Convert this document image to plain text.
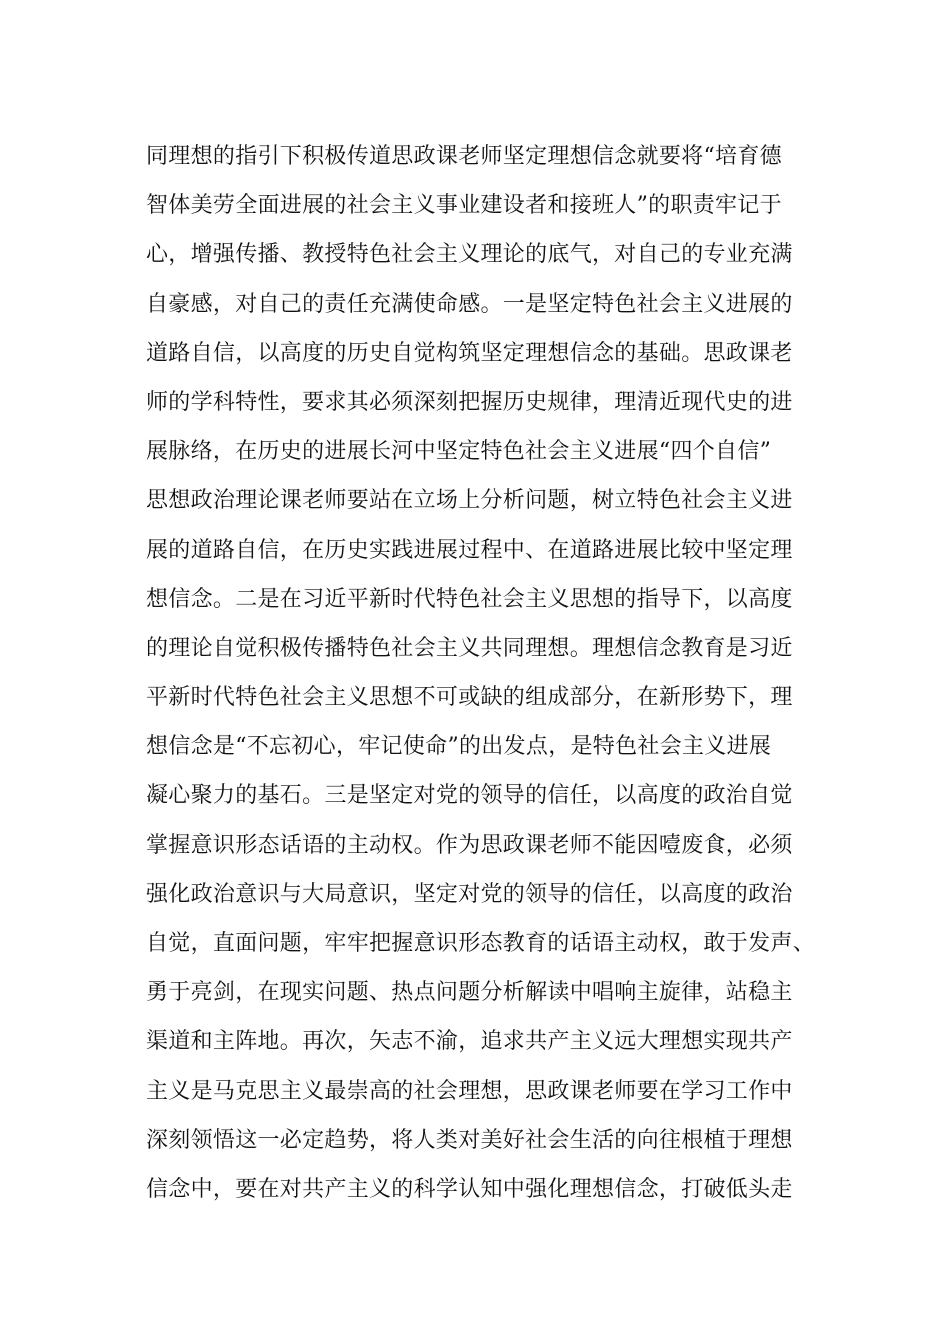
同理想的指引下积极传道思政课老师坚定理想信念就要将“培育德
智体美劳全面进展的社会主义事业建设者和接班人”的职责牢记于
心，增强传播、教授特色社会主义理论的底气，对自己的专业充满
自豪感，对自己的责任充满使命感。一是坚定特色社会主义进展的
道路自信，以高度的历史自觉构筑坚定理想信念的基础。思政课老
师的学科特性，要求其必须深刻把握历史规律，理清近现代史的进
展脉络，在历史的进展长河中坚定特色社会主义进展“四个自信”
思想政治理论课老师要站在立场上分析问题，树立特色社会主义进
展的道路自信，在历史实践进展过程中、在道路进展比较中坚定理
想信念。二是在习近平新时代特色社会主义思想的指导下，以高度
的理论自觉积极传播特色社会主义共同理想。理想信念教育是习近
平新时代特色社会主义思想不可或缺的组成部分，在新形势下，理
想信念是“不忘初心，牢记使命”的出发点，是特色社会主义进展
凝心聚力的基石。三是坚定对党的领导的信任，以高度的政治自觉
掌握意识形态话语的主动权。作为思政课老师不能因噎废食，必须
强化政治意识与大局意识，坚定对党的领导的信任，以高度的政治
自觉，直面问题，牢牢把握意识形态教育的话语主动权，敢于发声、
勇于亮剑，在现实问题、热点问题分析解读中唱响主旋律，站稳主
渠道和主阵地。再次，矢志不渝，追求共产主义远大理想实现共产
主义是马克思主义最崇高的社会理想，思政课老师要在学习工作中
深刻领悟这一必定趋势，将人类对美好社会生活的向往根植于理想
信念中，要在对共产主义的科学认知中强化理想信念，打破低头走
